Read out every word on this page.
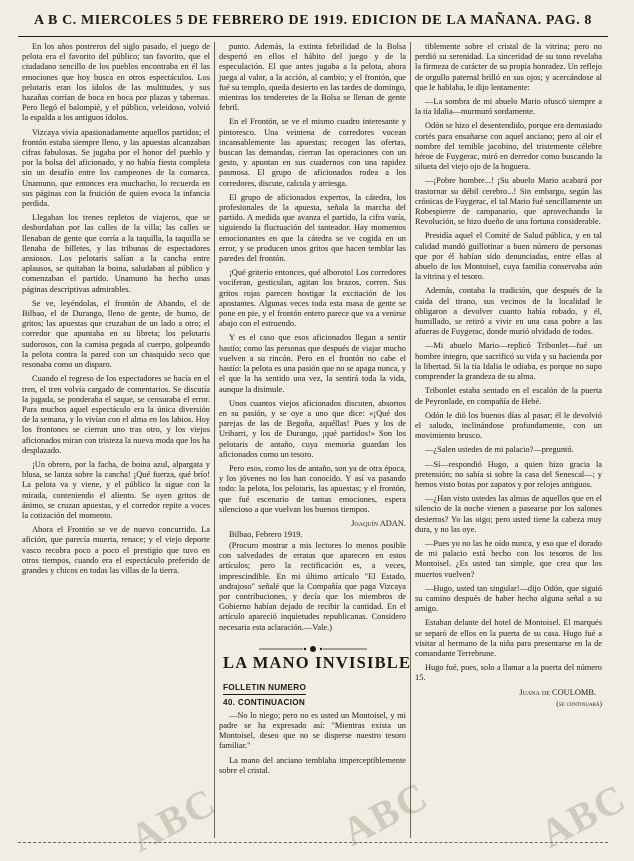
A B C. MIERCOLES 5 DE FEBRERO DE 1919. EDICION DE LA MAÑANA. PAG. 8

En los años postreros del siglo pasado, el juego de pelota era el favorito del público; tan favorito, que el ciudadano sencillo de los pueblos encontraba en él las emociones que hoy busca en otros espectáculos. Los pelotaris eran los ídolos de las multitudes, y sus hazañas corrían de boca en boca por plazas y tabernas. Pero llegó el balompié, y el público, veleidoso, volvió la espalda a los antiguos ídolos.

Vizcaya vivía apasionadamente aquellos partidos; el frontón estaba siempre lleno, y las apuestas alcanzaban cifras fabulosas. Se jugaba por el honor del pueblo y por la bolsa del aficionado, y no había fiesta completa sin un desafío entre los campeones de la comarca. Unamuno, que entonces era muchacho, lo recuerda en sus páginas con la fruición de quien evoca la infancia perdida.

Llegaban los trenes repletos de viajeros, que se desbordaban por las calles de la villa; las calles se llenaban de gente que corría a la taquilla, la taquilla se llenaba de billetes, y las tribunas de espectadores ansiosos. Los pelotaris salían a la cancha entre aplausos, se quitaban la boina, saludaban al público y comenzaban el partido. Unamuno ha hecho unas páginas descriptivas admirables.

Se ve, leyéndolas, el frontón de Abando, el de Bilbao, el de Durango, lleno de gente, de humo, de gritos; las apuestas que cruzaban de un lado a otro; el corredor que apuntaba en su libreta; los pelotaris sudorosos, con la camisa pegada al cuerpo, golpeando la pelota contra la pared con un chasquido seco que resonaba como un disparo.

Cuando el regreso de los espectadores se hacía en el tren, el tren volvía cargado de comentarios. Se discutía la jugada, se ponderaba el saque, se censuraba el error. Para muchos aquel espectáculo era la única diversión de la semana, y lo vivían con el alma en los labios. Hoy los frontones se cierran uno tras otro, y los viejos aficionados miran con tristeza la nueva moda que los ha desplazado.

¡Un obrero, por la facha, de boina azul, alpargata y blusa, se lanza sobre la cancha! ¡Qué fuerza, qué brío! La pelota va y viene, y el público la sigue con la mirada, conteniendo el aliento. Se oyen gritos de ánimo, se cruzan apuestas, y el corredor repite a voces la cotización del momento.

Ahora el Frontón se ve de nuevo concurrido. La afición, que parecía muerta, renace; y el viejo deporte vasco recobra poco a poco el prestigio que tuvo en otros tiempos, cuando era el espectáculo preferido de grandes y chicos en todas las villas de la tierra.

punto. Además, la extinta febrilidad de la Bolsa despertó en ellos el hábito del juego y de la especulación. El que antes jugaba a la pelota, ahora juega al valor, a la acción, al cambio; y el frontón, que fué su templo, queda desierto en las tardes de domingo, mientras los tenderetes de la Bolsa se llenan de gente febril.

En el Frontón, se ve el mismo cuadro interesante y pintoresco. Una veintena de corredores vocean incansablemente las apuestas; recogen las ofertas, buscan las demandas, cierran las operaciones con un gesto, y apuntan en sus cuadernos con una rapidez pasmosa. El grupo de aficionados rodea a los corredores, discute, calcula y arriesga.

El grupo de aficionados expertos, la cátedra, los profesionales de la apuesta, señala la marcha del partido. A medida que avanza el partido, la cifra varía, siguiendo la fluctuación del tanteador. Hay momentos emocionantes en que la cátedra se ve cogida en un error, y se producen unos gritos que hacen temblar las paredes del frontón.

¡Qué griterío entonces, qué alboroto! Los corredores vociferan, gesticulan, agitan los brazos, corren. Sus gritos rojas parecen hostigar la excitación de los apostantes. Algunas veces toda esta masa de gente se pone en pie, y el frontón entero parece que va a venirse abajo con el estruendo.

Y es el caso que esos aficionados llegan a sentir hastío; como las personas que después de viajar mucho vuelven a su rincón. Pero en el frontón no cabe el hastío: la pelota es una pasión que no se apaga nunca, y el que la ha sentido una vez, la sentirá toda la vida, aunque la disimule.

Unos cuantos viejos aficionados discuten, absortos en su pasión, y se oye a uno que dice: «¡Qué dos parejas de las de Begoña, aquéllas! Pues y los de Uribarri, y los de Durango, ¡qué partidos!» Son los pelotaris de antaño, cuya memoria guardan los aficionados como un tesoro.

Pero esos, como los de antaño, son ya de otra época, y los jóvenes no los han conocido. Y así va pasando todo: la pelota, los pelotaris, las apuestas; y el frontón, que fué escenario de tantas emociones, espera silencioso a que vuelvan los buenos tiempos.

Joaquín ADAN.
Bilbao, Febrero 1919.

(Procuro mostrar a mis lectores lo menos posible con salvedades de erratas que aparecen en estos artículos; pero la rectificación es, a veces, imprescindible. En mi último artículo "El Estado, andrajoso" señalé que la Compañía que paga Vizcaya por contribuciones, y decía que los miembros de Gobierno habían dejado de recibir la cantidad. En el artículo apareció inquietudes republicanas. Considero necesaria esta aclaración.—Vale.)

LA MANO INVISIBLE
FOLLETIN NUMERO
40. CONTINUACION

—No lo niego; pero no es usted un Montoisel, y mi padre se ha expresado así: "Mientras exista un Montoisel, deseo que no se disperse nuestro tesoro familiar."

La mano del anciano temblaba imperceptiblemente sobre el cristal.

tiblemente sobre el cristal de la vitrina; pero no perdió su serenidad. La sinceridad de su tono revelaba la firmeza de carácter de su propia honradez. Un reflejo de orgullo paternal brilló en sus ojos; y acercándose al que le hablaba, le dijo lentamente:

—La sombra de mi abuelo Mario ofuscó siempre a la tía Idalia—murmuró sordamente.

Odón se hizo el desentendido, porque era demasiado cortés para ensañarse con aquel anciano; pero al oír el nombre del temible jacobino, del tristemente célebre héroe de Fuygerac, miró en derredor como buscando la silueta del viejo ojo de la hoguera.

—¡Pobre hombre...! ¡Su abuelo Mario acabará por trastornar su débil cerebro...! Sin embargo, según las crónicas de Fuygerac, el tal Mario fué sencillamente un Robespierre de campanario, que aprovechando la Revolución, se hizo dueño de una fortuna considerable.

Presidía aquel el Comité de Salud pública, y en tal calidad mandó guillotinar a buen número de personas que por él habían sido denunciadas, entre ellas al abuelo de los Montoisel, cuya familia conservaba aún la vitrina y el tesoro.

Además, contaba la tradición, que después de la caída del tirano, sus vecinos de la localidad le obligaron a devolver cuanto había robado, y él, humillado, se retiró a vivir en una casa pobre a las afueras de Fuygerac, donde murió olvidado de todos.

—Mi abuelo Mario—replicó Tribonlet—fué un hombre íntegro, que sacrificó su vida y su hacienda por la libertad. Si la tía Idalia le odiaba, es porque no supo comprender la grandeza de su alma.

Tribonlet estaba sentado en el escalón de la puerta de Peyronlade, en compañía de Hebé.

Odón le dió los buenos días al pasar; él le devolvió el saludo, inclinándose profundamente, con un movimiento brusco.

—¿Salen ustedes de mi palacio?—preguntó.

—Sí—respondió Hugo, a quien hizo gracia la pretensión; no sabía si sobre la casa del Senescal—; y hemos visto botas por zapatos y por relojes antiguos.

—¿Han visto ustedes las almas de aquellos que en el silencio de la noche vienen a pasearse por los salones desiertos? Yo las oigo; pero usted tiene la cabeza muy dura, y no las oye.

—Pues yo no las he oído nunca, y eso que el dorado de mi palacio está hecho con los tesoros de los Montoisel. ¿Es usted tan simple, que crea que los muertos vuelven?

—Hugo, usted tan singular!—dijo Odón, que siguió su camino después de haber hecho alguna señal a su amigo.

Estaban delante del hotel de Montoisel. El marqués se separó de ellos en la puerta de su casa. Hugo fué a visitar al hermano de la niña para presentarse en la de comandante Terrebrune.

Hugo fué, pues, solo a llamar a la puerta del número 15.

Juana de COULOMB.
(se continuará)
ABC	ABC ABC
